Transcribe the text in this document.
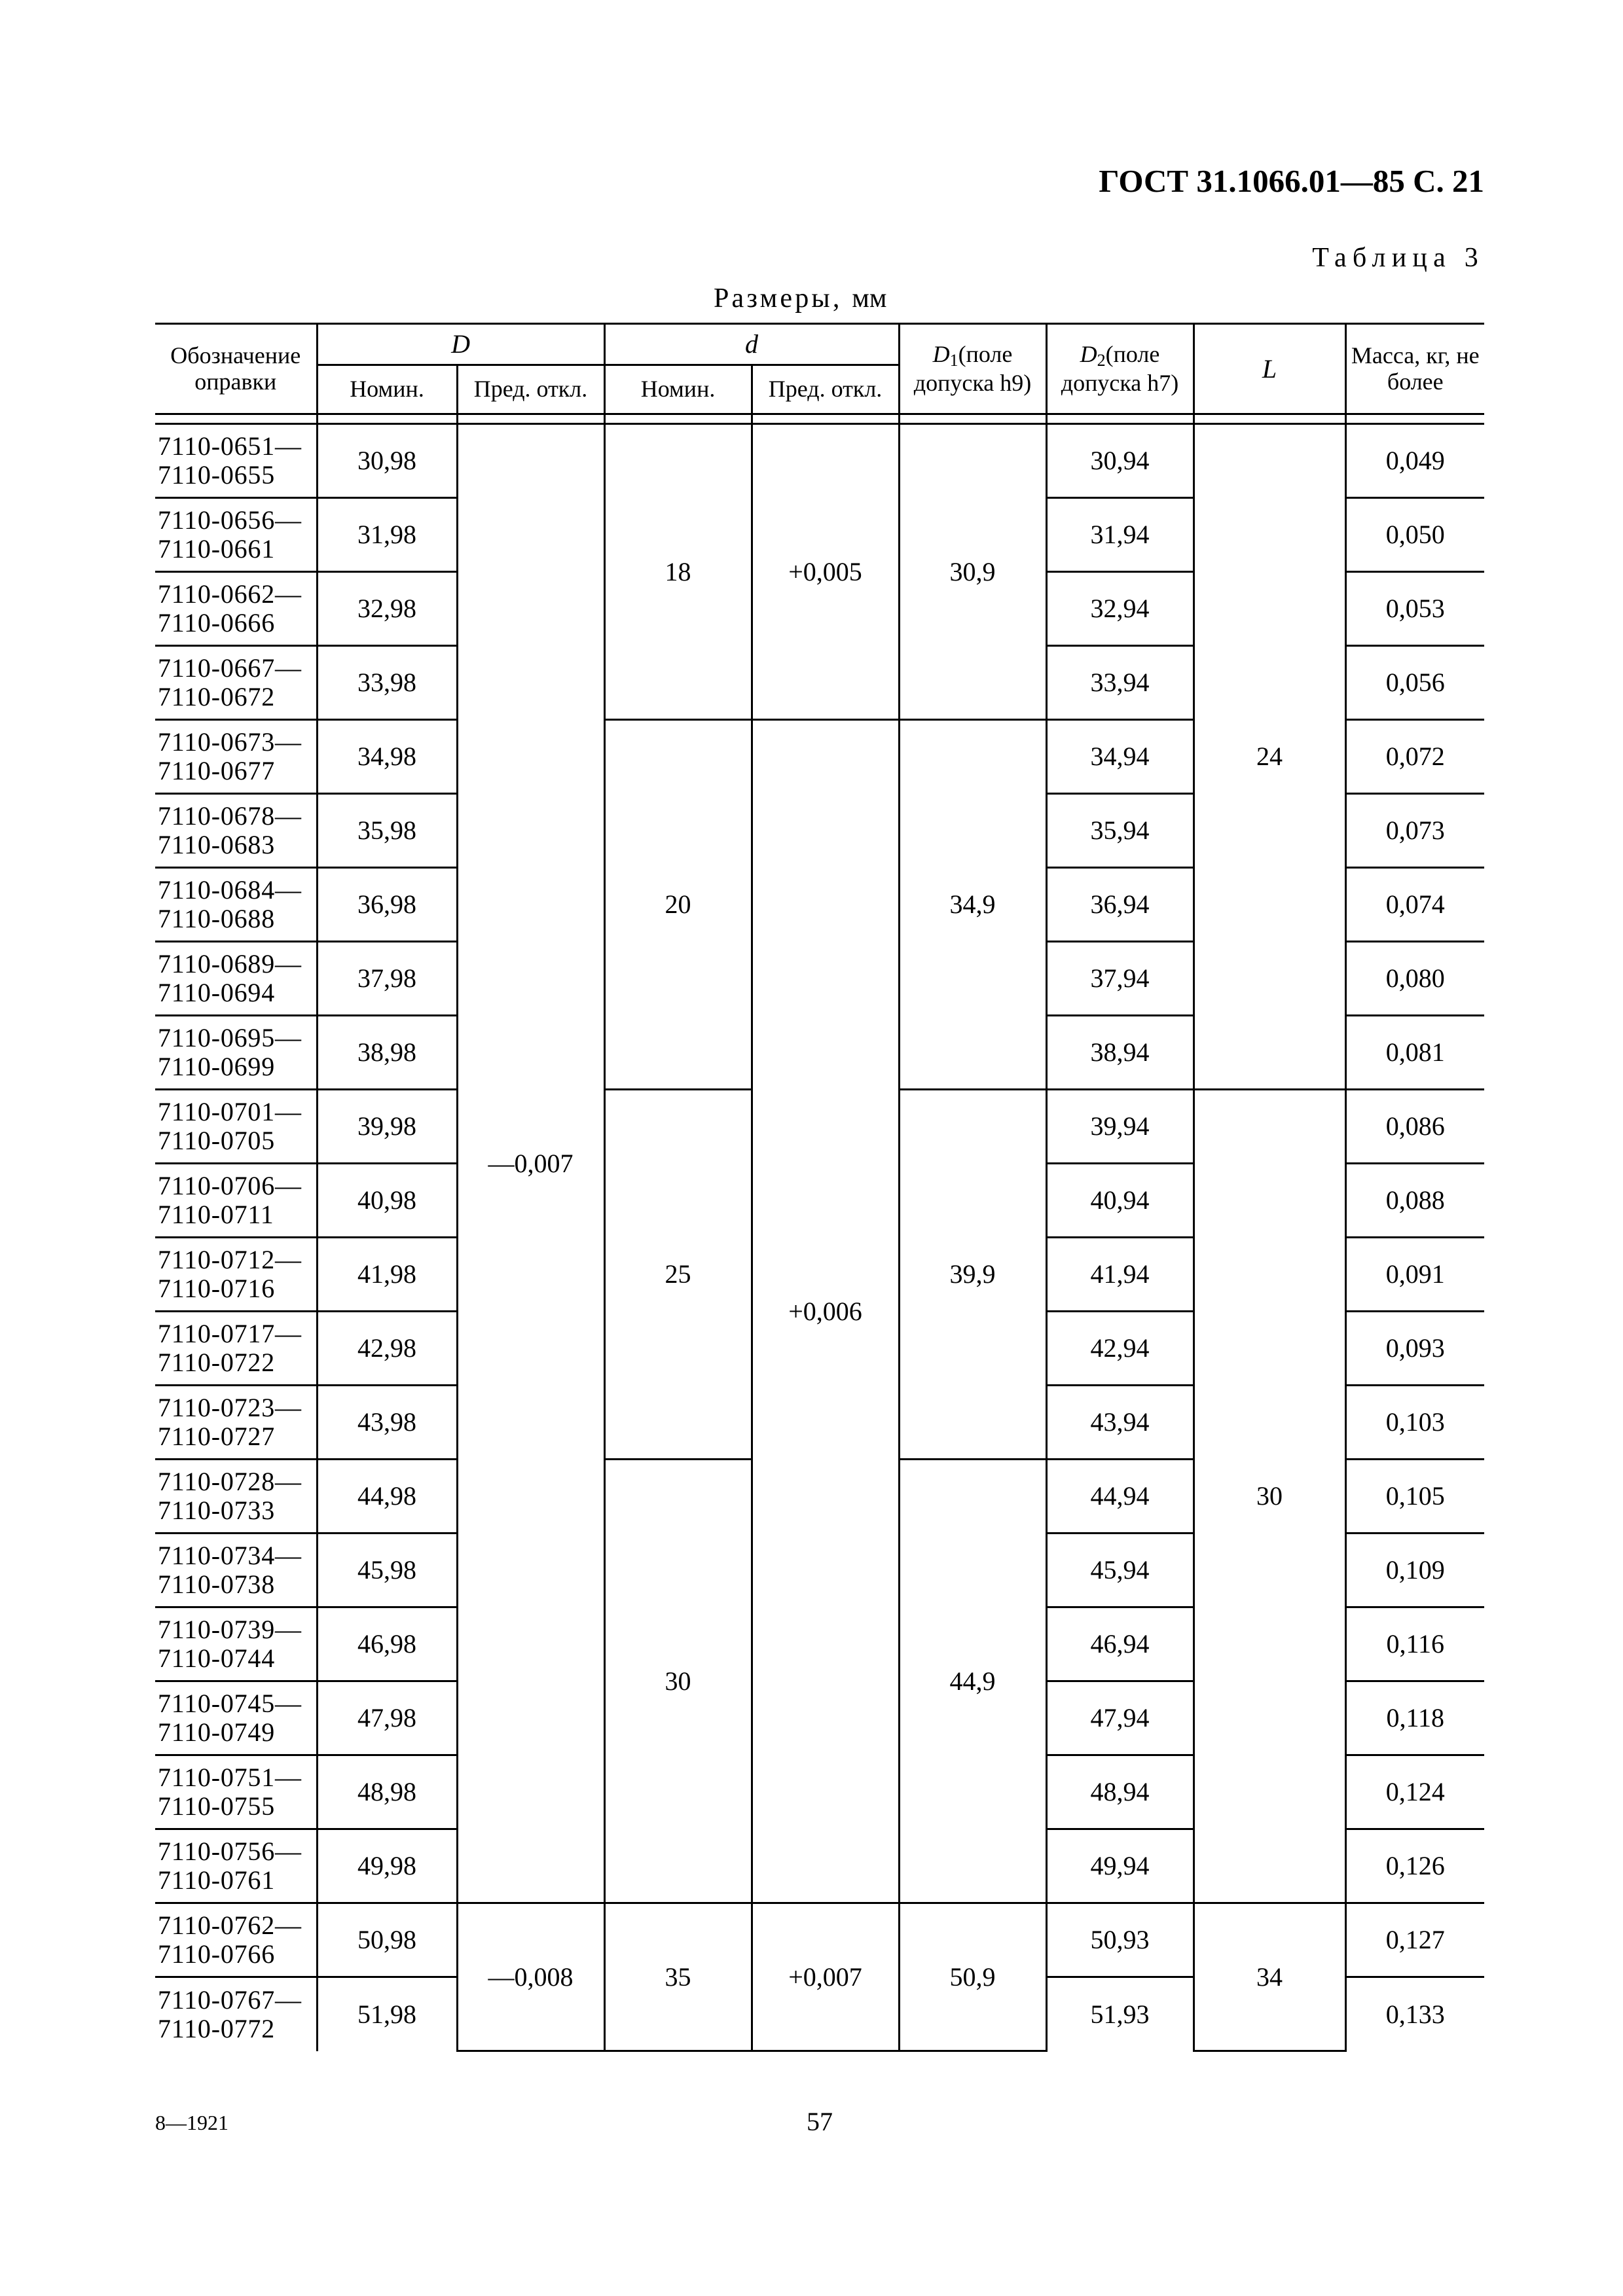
ГОСТ 31.1066.01—85 С. 21
Таблица 3
Размеры, мм
Обозначение оправки	D		d		$D_1(поле$ допуска h9)	$D_2(поле$ допуска h7)	L	Масса, кг, не более
	Номин.	Пред. откл.	Номин.	Пред. откл.				

7110-0651—7110-0655	30,98	—0,007	18	+0,005	30,9	30,94	24	0,049
7110-0656—7110-0661	31,98					31,94		0,050
7110-0662—7110-0666	32,98					32,94		0,053
7110-0667—7110-0672	33,98					33,94		0,056
7110-0673—7110-0677	34,98		20	+0,006	34,9	34,94		0,072
7110-0678—7110-0683	35,98					35,94		0,073
7110-0684—7110-0688	36,98					36,94		0,074
7110-0689—7110-0694	37,98					37,94		0,080
7110-0695—7110-0699	38,98					38,94		0,081
7110-0701—7110-0705	39,98		25		39,9	39,94	30	0,086
7110-0706—7110-0711	40,98					40,94		0,088
7110-0712—7110-0716	41,98					41,94		0,091
7110-0717—7110-0722	42,98					42,94		0,093
7110-0723—7110-0727	43,98					43,94		0,103
7110-0728—7110-0733	44,98		30		44,9	44,94		0,105
7110-0734—7110-0738	45,98					45,94		0,109
7110-0739—7110-0744	46,98					46,94		0,116
7110-0745—7110-0749	47,98					47,94		0,118
7110-0751—7110-0755	48,98					48,94		0,124
7110-0756—7110-0761	49,98					49,94		0,126
7110-0762—7110-0766	50,98	—0,008	35	+0,007	50,9	50,93	34	0,127
7110-0767—7110-0772	51,98					51,93		0,133
8—1921	57
